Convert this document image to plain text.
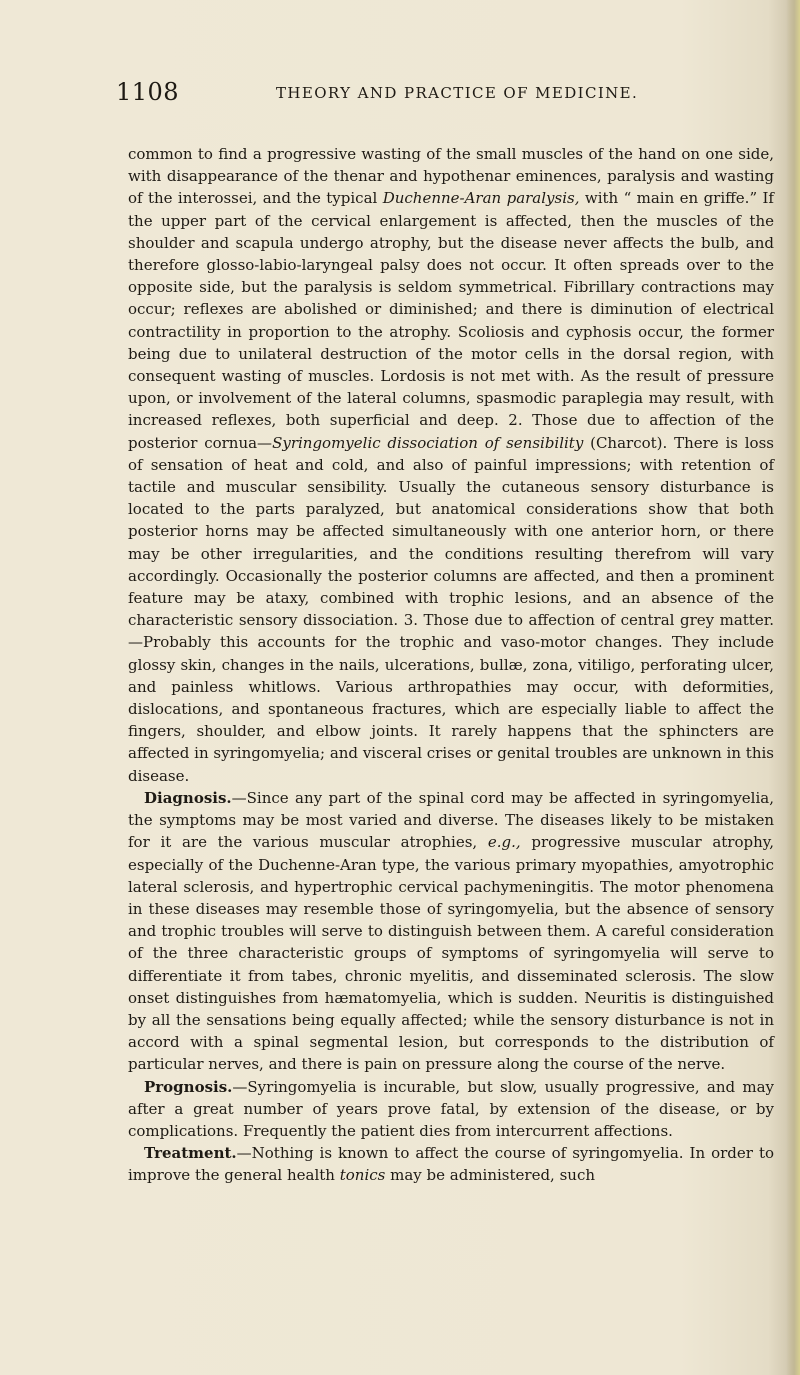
1108	THEORY AND PRACTICE OF MEDICINE.

common to find a progressive wasting of the small muscles of the hand on one side, with disappearance of the thenar and hypothenar eminences, paralysis and wasting of the interossei, and the typical Duchenne-Aran paralysis, with “ main en griffe.” If the upper part of the cervical enlargement is affected, then the muscles of the shoulder and scapula undergo atrophy, but the disease never affects the bulb, and therefore glosso-labio-laryngeal palsy does not occur. It often spreads over to the opposite side, but the paralysis is seldom symmetrical. Fibrillary contractions may occur; reflexes are abolished or diminished; and there is diminution of electrical contractility in proportion to the atrophy. Scoliosis and cyphosis occur, the former being due to unilateral destruction of the motor cells in the dorsal region, with consequent wasting of muscles. Lordosis is not met with. As the result of pressure upon, or involvement of the lateral columns, spasmodic paraplegia may result, with increased reflexes, both superficial and deep. 2. Those due to affection of the posterior cornua—Syringomyelic dissociation of sensibility (Charcot). There is loss of sensation of heat and cold, and also of painful impressions; with retention of tactile and muscular sensibility. Usually the cutaneous sensory disturbance is located to the parts paralyzed, but anatomical considerations show that both posterior horns may be affected simultaneously with one anterior horn, or there may be other irregularities, and the conditions resulting therefrom will vary accordingly. Occasionally the posterior columns are affected, and then a prominent feature may be ataxy, combined with trophic lesions, and an absence of the characteristic sensory dissociation. 3. Those due to affection of central grey matter.—Probably this accounts for the trophic and vaso-motor changes. They include glossy skin, changes in the nails, ulcerations, bullæ, zona, vitiligo, perforating ulcer, and painless whitlows. Various arthropathies may occur, with deformities, dislocations, and spontaneous fractures, which are especially liable to affect the fingers, shoulder, and elbow joints. It rarely happens that the sphincters are affected in syringomyelia; and visceral crises or genital troubles are unknown in this disease.

Diagnosis.—Since any part of the spinal cord may be affected in syringomyelia, the symptoms may be most varied and diverse. The diseases likely to be mistaken for it are the various muscular atrophies, e.g., progressive muscular atrophy, especially of the Duchenne-Aran type, the various primary myopathies, amyotrophic lateral sclerosis, and hypertrophic cervical pachymeningitis. The motor phenomena in these diseases may resemble those of syringomyelia, but the absence of sensory and trophic troubles will serve to distinguish between them. A careful consideration of the three characteristic groups of symptoms of syringomyelia will serve to differentiate it from tabes, chronic myelitis, and disseminated sclerosis. The slow onset distinguishes from hæmatomyelia, which is sudden. Neuritis is distinguished by all the sensations being equally affected; while the sensory disturbance is not in accord with a spinal segmental lesion, but corresponds to the distribution of particular nerves, and there is pain on pressure along the course of the nerve.

Prognosis.—Syringomyelia is incurable, but slow, usually progressive, and may after a great number of years prove fatal, by extension of the disease, or by complications. Frequently the patient dies from intercurrent affections.

Treatment.—Nothing is known to affect the course of syringomyelia. In order to improve the general health tonics may be administered, such
